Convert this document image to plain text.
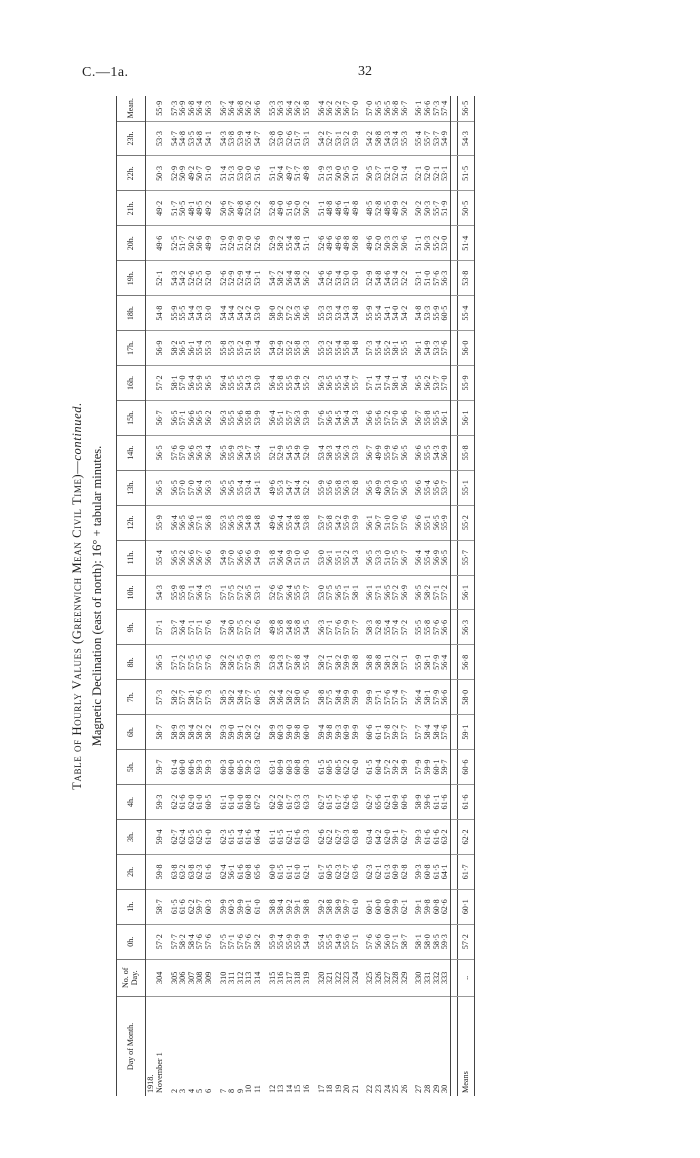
C.—1a.	32
Table of Hourly Values (Greenwich Mean Civil Time)—continued.
Magnetic Declination (east of north): 16° + tabular minutes.
Day of Month.	No. of Day.	0h.	1h.	2h.	3h.	4h.	5h.	6h.	7h.	8h.	9h.	10h.	11h.	12h.	13h.	14h.	15h.	16h.	17h.	18h.	19h.	20h.	21h.	22h.	23h.	Mean.
1918.																										
November 1	304	57·2	58·7	59·8	59·4	59·3	59·7	58·7	57·3	56·5	57·1	54·3	55·4	55·9	56·5	56·5	56·7	57·2	56·9	54·8	52·1	49·6	49·2	50·3	53·3	55·9

2	305	57·7	61·5	63·8	62·7	62·2	61·4	58·9	58·2	57·1	53·7	55·9	56·5	56·4	56·5	57·6	56·5	58·1	58·2	55·9	54·3	52·5	51·7	52·9	54·7	57·3
3	306	58·2	61·6	63·2	62·4	61·6	60·0	58·3	57·7	57·2	56·4	55·8	56·2	56·5	57·0	57·0	57·1	57·0	56·5	55·5	54·2	51·7	50·5	50·9	54·8	56·9
4	307	58·4	62·2	63·8	63·5	62·0	60·6	58·4	58·1	57·5	57·1	57·1	56·6	56·6	57·0	56·6	56·6	56·4	56·1	54·4	52·6	50·2	48·1	49·2	53·5	56·8
5	308	57·6	59·7	62·3	62·5	61·0	59·3	58·2	57·6	57·5	57·1	56·4	56·7	57·1	56·4	56·3	56·5	55·9	55·4	54·3	52·5	50·6	49·5	50·7	54·8	56·4
6	309	57·6	60·3	61·6	61·0	60·5	59·3	58·2	57·3	57·6	57·6	57·3	56·6	56·8	56·3	56·4	56·2	56·5	55·3	53·0	52·0	49·9	49·2	51·0	54·1	56·3

7	310	57·5	59·9	62·4	62·3	61·1	60·3	59·3	58·5	58·2	57·4	57·1	54·9	55·3	56·5	56·5	56·3	56·4	55·8	54·4	52·6	51·0	50·6	51·4	54·3	56·7
8	311	57·1	60·3	56·1	61·5	61·0	60·0	59·0	58·2	58·2	58·0	57·5	57·0	56·5	56·5	55·9	55·5	55·5	55·3	54·4	52·9	52·9	50·7	51·3	53·8	56·4
9	312	57·6	59·9	61·6	61·4	61·0	60·5	59·1	58·4	57·5	57·5	57·2	56·6	56·3	55·4	56·3	56·6	55·5	55·2	54·2	52·9	51·9	49·8	53·0	53·9	56·8
10	313	57·6	60·1	60·8	61·6	60·8	59·2	58·2	57·7	57·9	57·2	56·5	56·6	54·8	53·4	54·7	55·8	54·3	51·9	54·2	53·4	52·0	52·6	53·0	55·4	56·2
11	314	58·2	61·0	65·6	66·4	67·2	63·3	62·2	60·5	59·3	52·6	53·1	54·9	54·8	54·1	55·4	53·9	53·0	55·4	53·0	53·1	52·6	52·2	51·6	54·7	56·6

12	315	55·9	58·8	60·0	61·1	62·2	63·1	58·9	58·2	53·8	49·8	52·6	51·8	49·6	49·6	52·1	56·4	56·4	54·9	58·0	54·7	52·9	52·8	51·1	52·8	55·3
13	316	55·4	58·4	61·5	61·5	60·2	60·9	60·3	56·4	54·3	55·8	57·6	56·4	56·4	55·3	52·9	55·1	55·8	52·9	59·2	58·2	58·2	49·0	50·4	53·0	56·3
14	317	55·9	59·2	61·1	62·1	61·7	60·3	59·0	58·2	57·7	54·8	56·4	50·9	55·4	54·7	54·5	55·7	55·5	55·2	57·2	56·4	55·4	51·6	49·7	52·6	56·4
15	318	55·9	59·1	61·0	61·6	63·3	60·8	59·8	58·0	58·8	55·8	55·5	51·0	54·8	54·4	54·9	56·3	54·9	55·8	56·3	54·8	54·8	52·0	51·7	51·7	56·2
16	319	54·9	58·8	62·1	63·3	63·3	60·3	60·0	57·6	55·4	54·5	53·7	51·6	53·8	52·2	52·0	53·9	55·2	56·3	56·6	56·2	51·1	50·2	49·8	53·1	55·8

17	320	55·4	59·2	61·7	62·6	62·7	61·5	59·4	58·8	58·2	56·3	53·0	53·0	53·7	55·9	53·4	57·6	56·3	55·3	55·3	54·6	52·6	51·1	51·9	54·2	56·4
18	321	55·5	58·8	60·5	62·2	61·5	60·5	59·8	57·5	57·1	57·1	57·5	56·1	55·8	55·6	58·3	56·5	56·5	55·2	53·3	52·6	49·6	48·8	51·3	52·7	56·2
19	322	54·9	58·9	62·3	62·7	61·7	60·5	59·3	58·4	58·2	57·6	56·5	55·1	54·2	55·8	55·4	54·5	55·5	55·4	53·4	53·4	49·6	48·6	50·0	53·1	56·2
20	323	55·6	59·7	62·7	63·3	62·6	62·2	60·9	59·9	59·9	57·9	57·1	55·2	55·9	56·3	56·3	56·4	56·4	55·8	54·3	53·0	49·8	49·1	50·5	53·2	56·7
21	324	57·1	61·0	63·6	63·8	63·6	62·0	59·9	59·9	58·8	57·7	58·1	54·3	53·9	52·8	53·3	54·3	55·7	54·8	54·8	53·0	50·8	49·8	51·0	53·9	57·0

22	325	57·6	60·1	62·3	63·4	62·7	61·5	60·6	59·9	58·8	58·3	56·1	56·5	56·1	56·5	56·7	56·6	57·1	57·3	55·9	52·9	49·6	48·5	50·5	54·2	57·0
23	326	56·6	60·0	62·1	64·2	65·6	60·4	61·1	57·1	58·8	52·8	57·1	53·3	50·7	49·9	49·9	55·6	51·4	55·4	55·4	54·8	52·0	52·8	53·7	58·8	56·5
24	327	56·0	60·0	61·3	62·0	62·1	57·2	57·8	57·6	58·1	55·4	56·5	51·0	51·0	50·3	55·9	57·2	57·4	55·2	54·1	54·6	50·3	48·5	52·1	54·3	56·5
25	328	57·1	59·9	60·9	59·1	60·9	59·2	59·2	57·4	58·2	57·4	57·2	57·5	57·0	57·0	57·6	57·0	58·1	58·1	54·0	53·4	50·3	49·9	52·0	53·4	56·8
26	329	58·7	62·1	62·8	62·7	60·6	58·9	57·7	57·7	57·1	57·2	56·9	56·7	57·6	56·5	56·5	56·6	56·4	55·5	54·2	52·2	50·6	50·2	51·4	55·3	56·7

27	330	58·1	59·1	59·3	59·3	58·9	57·9	57·7	56·4	55·9	55·5	56·5	56·4	56·6	56·6	56·6	56·7	56·5	56·1	54·8	53·1	51·1	50·2	52·1	55·4	56·1
28	331	58·0	59·8	60·8	61·6	59·6	59·9	58·4	58·1	58·1	55·8	58·2	55·4	55·1	55·4	55·5	55·8	56·2	54·9	53·3	51·0	50·3	50·3	52·0	55·7	56·6
29	332	58·5	60·8	61·5	61·6	61·1	60·1	58·4	57·9	57·9	57·6	57·1	56·9	56·5	55·6	54·3	55·5	53·7	53·3	55·9	57·6	55·2	55·7	52·1	53·7	57·3
30	333	59·3	62·6	64·1	63·2	61·6	59·7	57·6	56·6	56·4	56·6	57·2	56·5	55·9	53·7	56·9	56·1	57·0	57·6	60·5	56·3	53·0	51·9	53·1	54·9	57·4

Means	..	57·2	60·1	61·7	62·2	61·6	60·6	59·1	58·0	56·8	56·3	56·1	55·7	55·2	55·1	55·8	56·1	55·9	56·0	55·4	53·8	51·4	50·5	51·5	54·3	56·5
